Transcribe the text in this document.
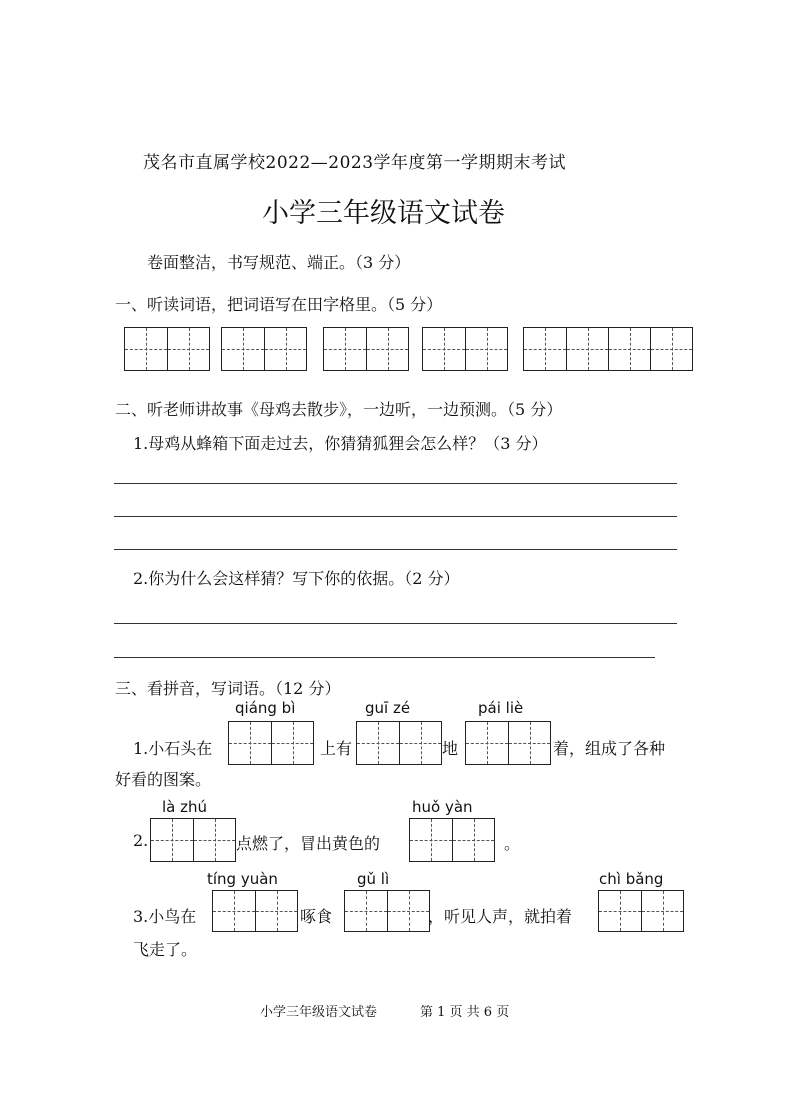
茂名市直属学校2022—2023学年度第一学期期末考试
小学三年级语文试卷
卷面整洁，书写规范、端正。（3 分）
一、听读词语，把词语写在田字格里。（5 分）
二、听老师讲故事《母鸡去散步》，一边听，一边预测。（5 分）
1.母鸡从蜂箱下面走过去，你猜猜狐狸会怎么样？（3 分）
2.你为什么会这样猜？写下你的依据。（2 分）
三、看拼音，写词语。（12 分）
qiáng bì	guī zé	pái liè
1.小石头在	上有	地	着，组成了各种
好看的图案。
là zhú	huǒ yàn
2.	点燃了，冒出黄色的	。
tíng yuàn	gǔ lì	chì bǎng
3.小鸟在	啄食	，听见人声，就拍着
飞走了。
小学三年级语文试卷	第 1 页 共 6 页
